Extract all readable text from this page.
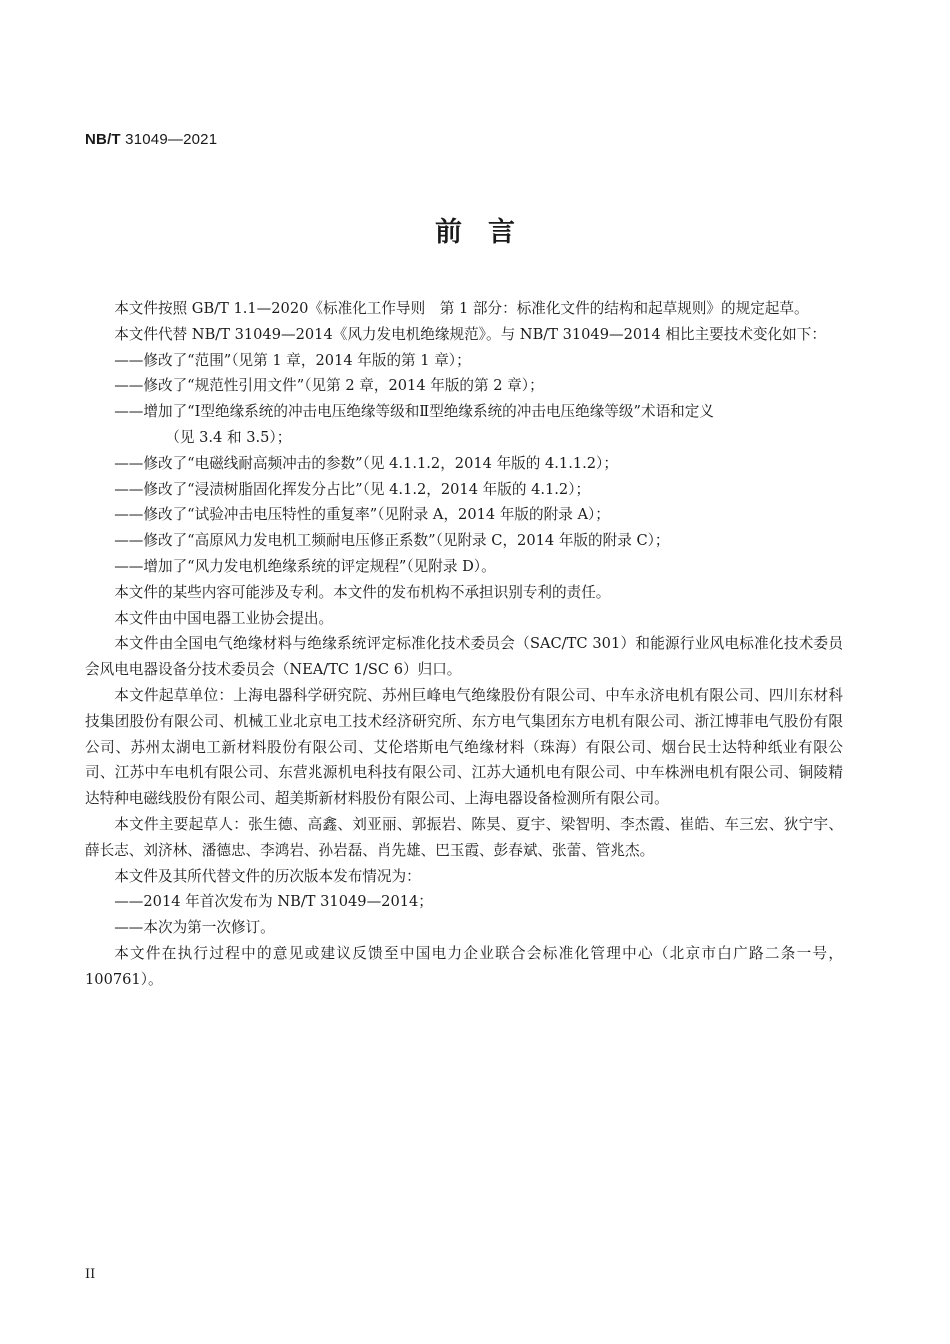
NB/T 31049—2021
前言

本文件按照 GB/T 1.1—2020《标准化工作导则　第 1 部分：标准化文件的结构和起草规则》的规定起草。

本文件代替 NB/T 31049—2014《风力发电机绝缘规范》。与 NB/T 31049—2014 相比主要技术变化如下：

——修改了“范围”（见第 1 章，2014 年版的第 1 章）；

——修改了“规范性引用文件”（见第 2 章，2014 年版的第 2 章）；

——增加了“Ⅰ型绝缘系统的冲击电压绝缘等级和Ⅱ型绝缘系统的冲击电压绝缘等级”术语和定义

（见 3.4 和 3.5）；

——修改了“电磁线耐高频冲击的参数”（见 4.1.1.2，2014 年版的 4.1.1.2）；

——修改了“浸渍树脂固化挥发分占比”（见 4.1.2，2014 年版的 4.1.2）；

——修改了“试验冲击电压特性的重复率”（见附录 A，2014 年版的附录 A）；

——修改了“高原风力发电机工频耐电压修正系数”（见附录 C，2014 年版的附录 C）；

——增加了“风力发电机绝缘系统的评定规程”（见附录 D）。

本文件的某些内容可能涉及专利。本文件的发布机构不承担识别专利的责任。

本文件由中国电器工业协会提出。

本文件由全国电气绝缘材料与绝缘系统评定标准化技术委员会（SAC/TC 301）和能源行业风电标准化技术委员会风电电器设备分技术委员会（NEA/TC 1/SC 6）归口。

本文件起草单位：上海电器科学研究院、苏州巨峰电气绝缘股份有限公司、中车永济电机有限公司、四川东材科技集团股份有限公司、机械工业北京电工技术经济研究所、东方电气集团东方电机有限公司、浙江博菲电气股份有限公司、苏州太湖电工新材料股份有限公司、艾伦塔斯电气绝缘材料（珠海）有限公司、烟台民士达特种纸业有限公司、江苏中车电机有限公司、东营兆源机电科技有限公司、江苏大通机电有限公司、中车株洲电机有限公司、铜陵精达特种电磁线股份有限公司、超美斯新材料股份有限公司、上海电器设备检测所有限公司。

本文件主要起草人：张生德、高鑫、刘亚丽、郭振岩、陈昊、夏宇、梁智明、李杰霞、崔皓、车三宏、狄宁宇、薛长志、刘济林、潘德忠、李鸿岩、孙岩磊、肖先雄、巴玉霞、彭春斌、张蕾、管兆杰。

本文件及其所代替文件的历次版本发布情况为：

——2014 年首次发布为 NB/T 31049—2014；

——本次为第一次修订。

本文件在执行过程中的意见或建议反馈至中国电力企业联合会标准化管理中心（北京市白广路二条一号，100761）。

II
